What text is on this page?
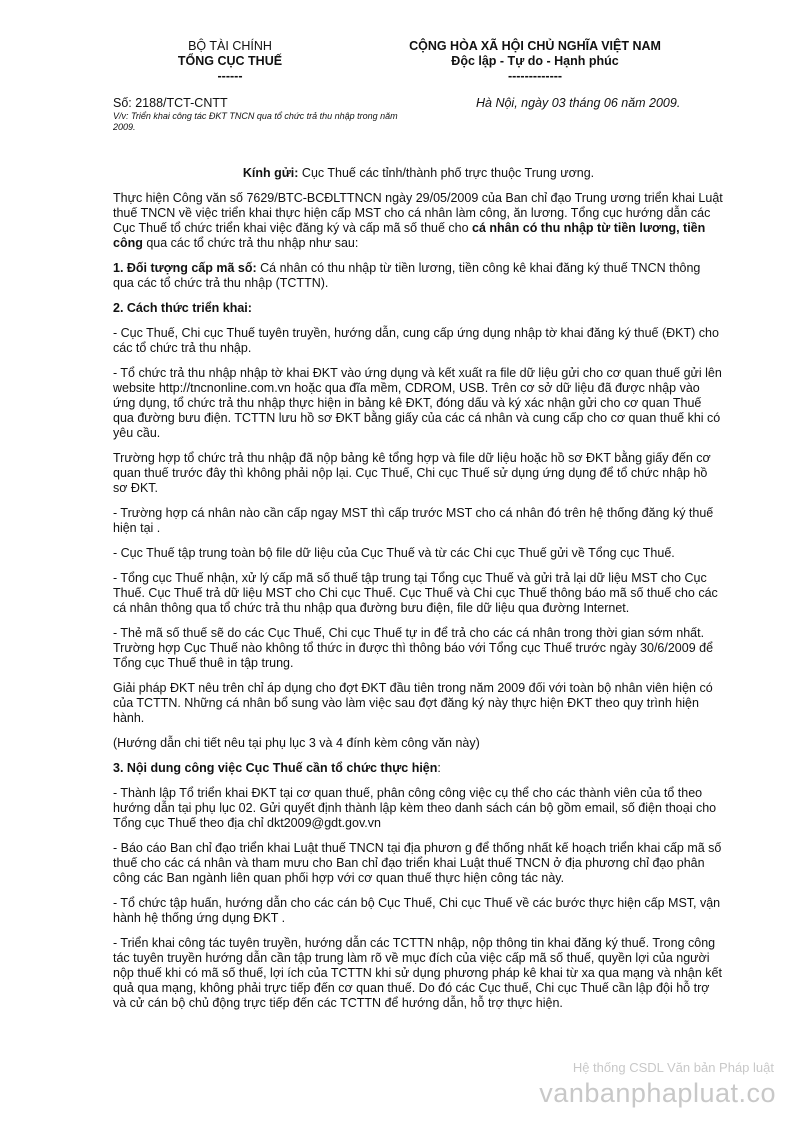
BỘ TÀI CHÍNH
TỔNG CỤC THUẾ
------
CỘNG HÒA XÃ HỘI CHỦ NGHĨA VIỆT NAM
Độc lập - Tự do - Hạnh phúc
-------------
Số: 2188/TCT-CNTT
V/v: Triển khai công tác ĐKT TNCN qua tổ chức trả thu nhập trong năm 2009.
Hà Nội, ngày 03 tháng 06 năm 2009.

Kính gửi: Cục Thuế các tỉnh/thành phố trực thuộc Trung ương.

Thực hiện Công văn số 7629/BTC-BCĐLTTNCN ngày 29/05/2009 của Ban chỉ đạo Trung ương triển khai Luật thuế TNCN về việc triển khai thực hiện cấp MST cho cá nhân làm công, ăn lương. Tổng cục hướng dẫn các Cục Thuế tổ chức triển khai việc đăng ký và cấp mã số thuế cho cá nhân có thu nhập từ tiền lương, tiền công qua các tổ chức trả thu nhập như sau:

1. Đối tượng cấp mã số: Cá nhân có thu nhập từ tiền lương, tiền công kê khai đăng ký thuế TNCN thông qua các tổ chức trả thu nhập (TCTTN).

2. Cách thức triển khai:

- Cục Thuế, Chi cục Thuế tuyên truyền, hướng dẫn, cung cấp ứng dụng nhập tờ khai đăng ký thuế (ĐKT) cho các tổ chức trả thu nhập.

- Tổ chức trả thu nhập nhập tờ khai ĐKT vào ứng dụng và kết xuất ra file dữ liệu gửi cho cơ quan thuế gửi lên website http://tncnonline.com.vn hoặc qua đĩa mềm, CDROM, USB. Trên cơ sở dữ liệu đã được nhập vào ứng dụng, tổ chức trả thu nhập thực hiện in bảng kê ĐKT, đóng dấu và ký xác nhận gửi cho cơ quan Thuế qua đường bưu điện. TCTTN lưu hồ sơ ĐKT bằng giấy của các cá nhân và cung cấp cho cơ quan thuế khi có yêu cầu.

Trường hợp tổ chức trả thu nhập đã nộp bảng kê tổng hợp và file dữ liệu hoặc hồ sơ ĐKT bằng giấy đến cơ quan thuế trước đây thì không phải nộp lại. Cục Thuế, Chi cục Thuế sử dụng ứng dụng để tổ chức nhập hồ sơ ĐKT.

- Trường hợp cá nhân nào cần cấp ngay MST thì cấp trước MST cho cá nhân đó trên hệ thống đăng ký thuế hiện tại .

- Cục Thuế tập trung toàn bộ file dữ liệu của Cục Thuế và từ các Chi cục Thuế gửi về Tổng cục Thuế.

- Tổng cục Thuế nhận, xử lý cấp mã số thuế tập trung tại Tổng cục Thuế và gửi trả lại dữ liệu MST cho Cục Thuế. Cục Thuế trả dữ liệu MST cho Chi cục Thuế. Cục Thuế và Chi cục Thuế thông báo mã số thuế cho các cá nhân thông qua tổ chức trả thu nhập qua đường bưu điện, file dữ liệu qua đường Internet.

- Thẻ mã số thuế sẽ do các Cục Thuế, Chi cục Thuế tự in để trả cho các cá nhân trong thời gian sớm nhất. Trường hợp Cục Thuế nào không tổ thức in được thì thông báo với Tổng cục Thuế trước ngày 30/6/2009 để Tổng cục Thuế thuê in tập trung.

Giải pháp ĐKT nêu trên chỉ áp dụng cho đợt ĐKT đầu tiên trong năm 2009 đối với toàn bộ nhân viên hiện có của TCTTN. Những cá nhân bổ sung vào làm việc sau đợt đăng ký này thực hiện ĐKT theo quy trình hiện hành.

(Hướng dẫn chi tiết nêu tại phụ lục 3 và 4 đính kèm công văn này)

3. Nội dung công việc Cục Thuế cần tổ chức thực hiện:

- Thành lập Tổ triển khai ĐKT tại cơ quan thuế, phân công công việc cụ thể cho các thành viên của tổ theo hướng dẫn tại phụ lục 02. Gửi quyết định thành lập kèm theo danh sách cán bộ gồm email, số điện thoại cho Tổng cục Thuế theo địa chỉ dkt2009@gdt.gov.vn

- Báo cáo Ban chỉ đạo triển khai Luật thuế TNCN tại địa phươn g để thống nhất kế hoạch triển khai cấp mã số thuế cho các cá nhân và tham mưu cho Ban chỉ đạo triển khai Luật thuế TNCN ở địa phương chỉ đạo phân công các Ban ngành liên quan phối hợp với cơ quan thuế thực hiện công tác này.

- Tổ chức tập huấn, hướng dẫn cho các cán bộ Cục Thuế, Chi cục Thuế về các bước thực hiện cấp MST, vận hành hệ thống ứng dụng ĐKT .

- Triển khai công tác tuyên truyền, hướng dẫn các TCTTN nhập, nộp thông tin khai đăng ký thuế. Trong công tác tuyên truyền hướng dẫn cần tập trung làm rõ về mục đích của việc cấp mã số thuế, quyền lợi của người nộp thuế khi có mã số thuế, lợi ích của TCTTN khi sử dụng phương pháp kê khai từ xa qua mạng và nhận kết quả qua mạng, không phải trực tiếp đến cơ quan thuế. Do đó các Cục thuế, Chi cục Thuế cần lập đội hỗ trợ và cử cán bộ chủ động trực tiếp đến các TCTTN để hướng dẫn, hỗ trợ thực hiện.

Hệ thống CSDL Văn bản Pháp luật
vanbanphapluat.co
